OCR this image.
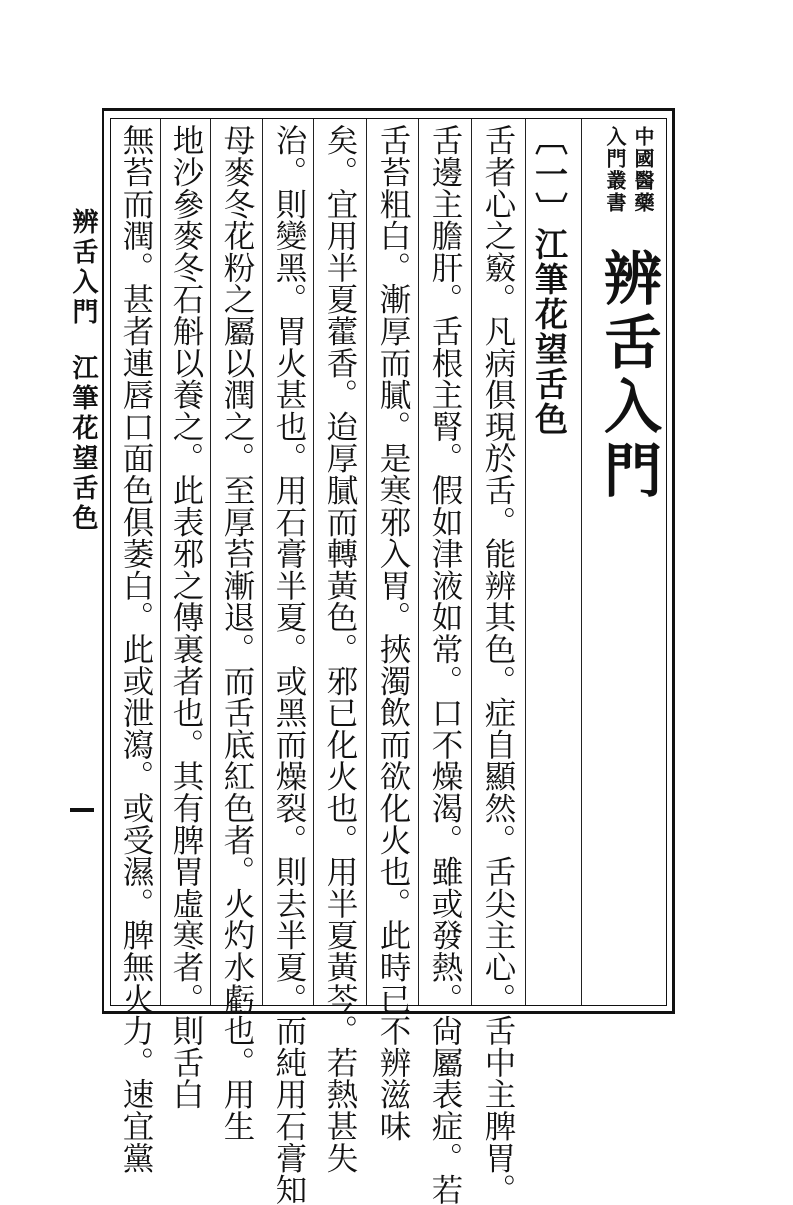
中國醫藥
入門叢書
辨舌入門
〔一〕江筆花望舌色
舌者心之竅。凡病俱現於舌。能辨其色。症自顯然。舌尖主心。舌中主脾胃。
舌邊主膽肝。舌根主腎。假如津液如常。口不燥渴。雖或發熱。尙屬表症。若
舌苔粗白。漸厚而膩。是寒邪入胃。挾濁飲而欲化火也。此時已不辨滋味
矣。宜用半夏藿香。迨厚膩而轉黃色。邪已化火也。用半夏黃芩。若熱甚失
治。則變黑。胃火甚也。用石膏半夏。或黑而燥裂。則去半夏。而純用石膏知
母麥冬花粉之屬以潤之。至厚苔漸退。而舌底紅色者。火灼水虧也。用生
地沙參麥冬石斛以養之。此表邪之傳裏者也。其有脾胃虛寒者。則舌白
無苔而潤。甚者連唇口面色俱萎白。此或泄瀉。或受濕。脾無火力。速宜黨
辨舌入門江筆花望舌色
